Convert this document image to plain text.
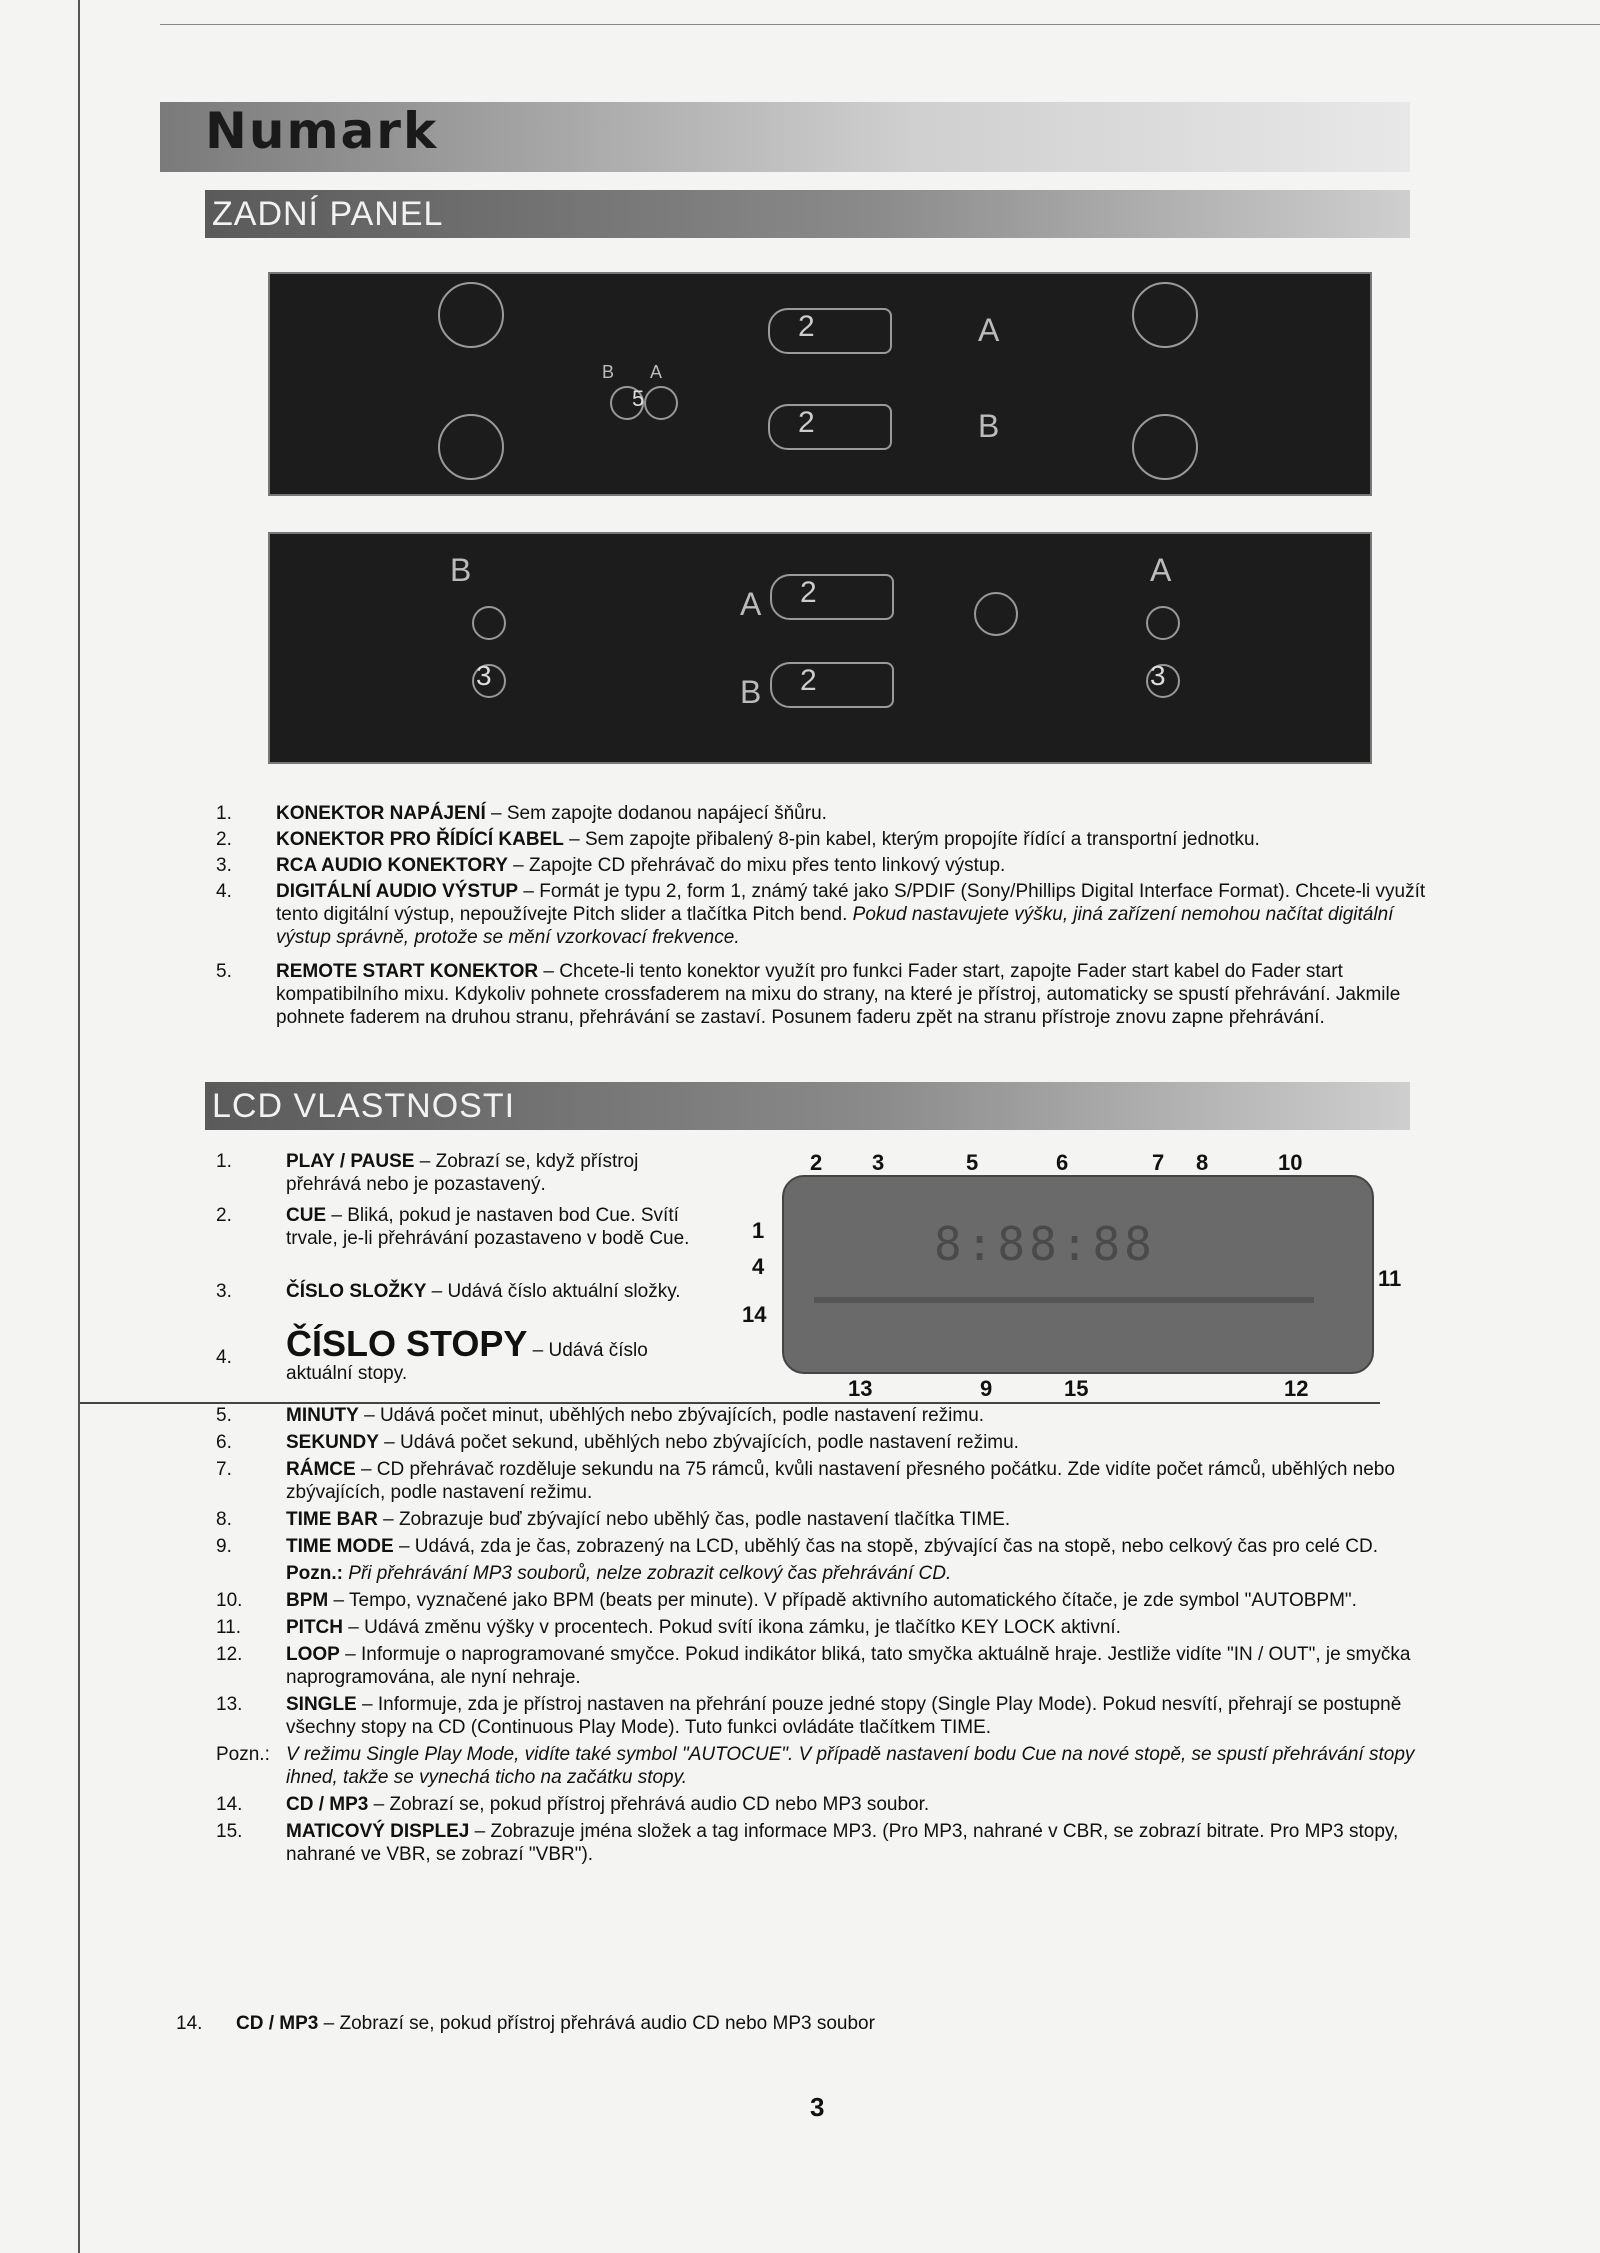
Numark
ZADNÍ PANEL
2	A
2	B
B A
5
B
3
A 2
B 2
A
3
1. KONEKTOR NAPÁJENÍ – Sem zapojte dodanou napájecí šňůru.
2. KONEKTOR PRO ŘÍDÍCÍ KABEL – Sem zapojte přibalený 8-pin kabel, kterým propojíte řídící a transportní jednotku.
3. RCA AUDIO KONEKTORY – Zapojte CD přehrávač do mixu přes tento linkový výstup.
4. DIGITÁLNÍ AUDIO VÝSTUP – Formát je typu 2, form 1, známý také jako S/PDIF (Sony/Phillips Digital Interface Format). Chcete-li využít tento digitální výstup, nepoužívejte Pitch slider a tlačítka Pitch bend. Pokud nastavujete výšku, jiná zařízení nemohou načítat digitální výstup správně, protože se mění vzorkovací frekvence.
5. REMOTE START KONEKTOR – Chcete-li tento konektor využít pro funkci Fader start, zapojte Fader start kabel do Fader start kompatibilního mixu. Kdykoliv pohnete crossfaderem na mixu do strany, na které je přístroj, automaticky se spustí přehrávání. Jakmile pohnete faderem na druhou stranu, přehrávání se zastaví. Posunem faderu zpět na stranu přístroje znovu zapne přehrávání.
LCD VLASTNOSTI
1.	PLAY / PAUSE – Zobrazí se, když přístroj přehrává nebo je pozastavený.
2.	CUE – Bliká, pokud je nastaven bod Cue. Svítí trvale, je-li přehrávání pozastaveno v bodě Cue.
3.	ČÍSLO SLOŽKY – Udává číslo aktuální složky.
4. ČÍSLO STOPY – Udává číslo aktuální stopy.
8:88:88
2 3	5	6	7 8	10
1
4	11
14
13	9	15	12
5.	MINUTY – Udává počet minut, uběhlých nebo zbývajících, podle nastavení režimu.
6.	SEKUNDY – Udává počet sekund, uběhlých nebo zbývajících, podle nastavení režimu.
7.	RÁMCE – CD přehrávač rozděluje sekundu na 75 rámců, kvůli nastavení přesného počátku. Zde vidíte počet rámců, uběhlých nebo zbývajících, podle nastavení režimu.
8.	TIME BAR – Zobrazuje buď zbývající nebo uběhlý čas, podle nastavení tlačítka TIME.
9.	TIME MODE – Udává, zda je čas, zobrazený na LCD, uběhlý čas na stopě, zbývající čas na stopě, nebo celkový čas pro celé CD.
Pozn.: Při přehrávání MP3 souborů, nelze zobrazit celkový čas přehrávání CD.
10.	BPM – Tempo, vyznačené jako BPM (beats per minute). V případě aktivního automatického čítače, je zde symbol "AUTOBPM".
11.	PITCH – Udává změnu výšky v procentech. Pokud svítí ikona zámku, je tlačítko KEY LOCK aktivní.
12.	LOOP – Informuje o naprogramované smyčce. Pokud indikátor bliká, tato smyčka aktuálně hraje. Jestliže vidíte "IN / OUT", je smyčka naprogramována, ale nyní nehraje.
13.	SINGLE – Informuje, zda je přístroj nastaven na přehrání pouze jedné stopy (Single Play Mode). Pokud nesvítí, přehrají se postupně všechny stopy na CD (Continuous Play Mode). Tuto funkci ovládáte tlačítkem TIME.
Pozn.: V režimu Single Play Mode, vidíte také symbol "AUTOCUE". V případě nastavení bodu Cue na nové stopě, se spustí přehrávání stopy ihned, takže se vynechá ticho na začátku stopy.
14.	CD / MP3 – Zobrazí se, pokud přístroj přehrává audio CD nebo MP3 soubor.
15.	MATICOVÝ DISPLEJ – Zobrazuje jména složek a tag informace MP3. (Pro MP3, nahrané v CBR, se zobrazí bitrate. Pro MP3 stopy, nahrané ve VBR, se zobrazí "VBR").
14. CD / MP3 – Zobrazí se, pokud přístroj přehrává audio CD nebo MP3 soubor
3
